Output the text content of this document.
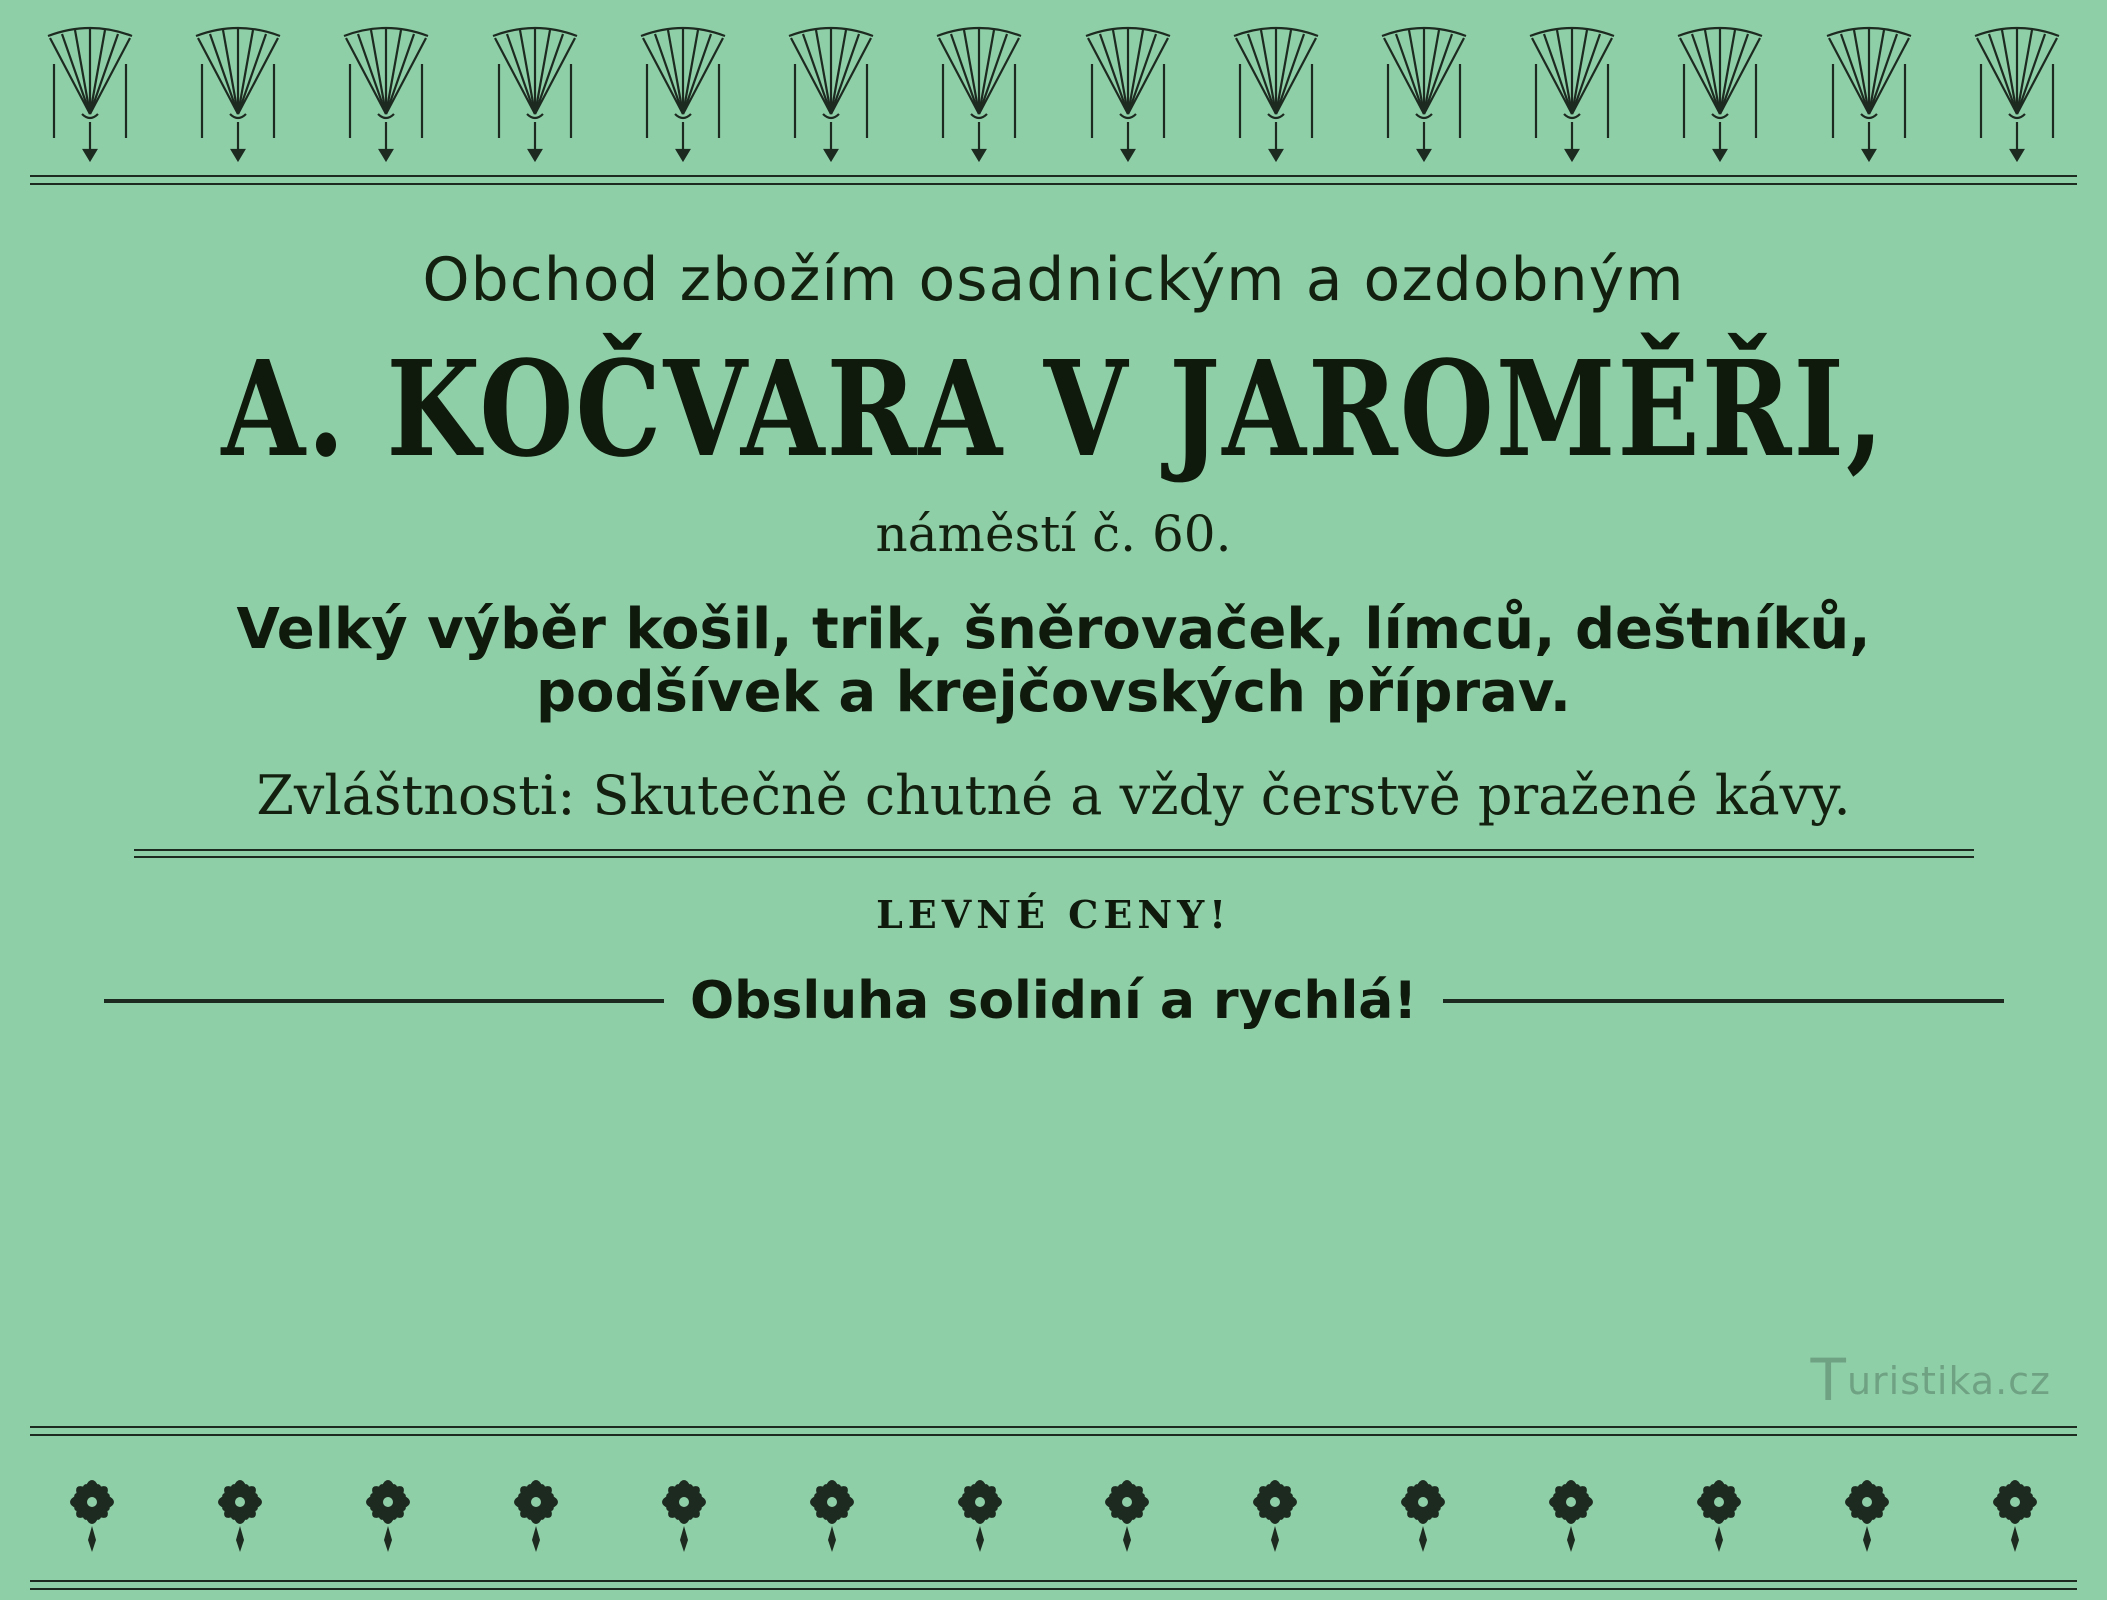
Obchod zbožím osadnickým a ozdobným
A. KOČVARA V JAROMĚŘI,
náměstí č. 60.
Velký výběr košil, trik, šněrovaček, límců, deštníků,
podšívek a krejčovských příprav.
Zvláštnosti: Skutečně chutné a vždy čerstvě pražené kávy.
LEVNÉ CENY!
Obsluha solidní a rychlá!
Turistika.cz
